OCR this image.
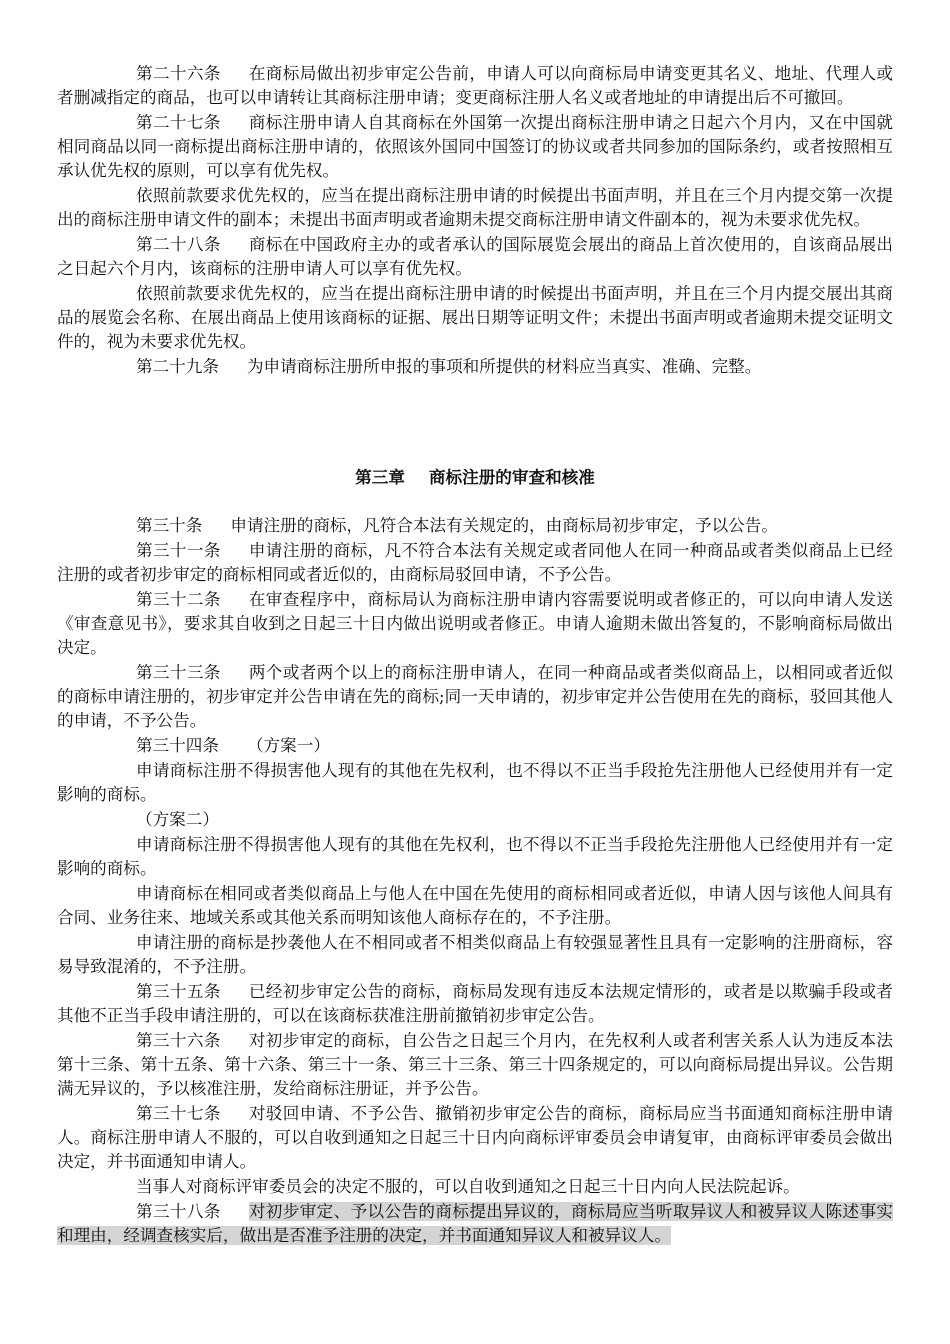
第二十六条 在商标局做出初步审定公告前，申请人可以向商标局申请变更其名义、地址、代理人或者删减指定的商品，也可以申请转让其商标注册申请；变更商标注册人名义或者地址的申请提出后不可撤回。

第二十七条 商标注册申请人自其商标在外国第一次提出商标注册申请之日起六个月内，又在中国就相同商品以同一商标提出商标注册申请的，依照该外国同中国签订的协议或者共同参加的国际条约，或者按照相互承认优先权的原则，可以享有优先权。

依照前款要求优先权的，应当在提出商标注册申请的时候提出书面声明，并且在三个月内提交第一次提出的商标注册申请文件的副本；未提出书面声明或者逾期未提交商标注册申请文件副本的，视为未要求优先权。

第二十八条 商标在中国政府主办的或者承认的国际展览会展出的商品上首次使用的，自该商品展出之日起六个月内，该商标的注册申请人可以享有优先权。

依照前款要求优先权的，应当在提出商标注册申请的时候提出书面声明，并且在三个月内提交展出其商品的展览会名称、在展出商品上使用该商标的证据、展出日期等证明文件；未提出书面声明或者逾期未提交证明文件的，视为未要求优先权。

第二十九条 为申请商标注册所申报的事项和所提供的材料应当真实、准确、完整。

第三章 商标注册的审查和核准

第三十条 申请注册的商标，凡符合本法有关规定的，由商标局初步审定，予以公告。

第三十一条 申请注册的商标，凡不符合本法有关规定或者同他人在同一种商品或者类似商品上已经注册的或者初步审定的商标相同或者近似的，由商标局驳回申请，不予公告。

第三十二条 在审查程序中，商标局认为商标注册申请内容需要说明或者修正的，可以向申请人发送《审查意见书》，要求其自收到之日起三十日内做出说明或者修正。申请人逾期未做出答复的，不影响商标局做出决定。

第三十三条 两个或者两个以上的商标注册申请人，在同一种商品或者类似商品上，以相同或者近似的商标申请注册的，初步审定并公告申请在先的商标;同一天申请的，初步审定并公告使用在先的商标，驳回其他人的申请，不予公告。

第三十四条 （方案一）

申请商标注册不得损害他人现有的其他在先权利，也不得以不正当手段抢先注册他人已经使用并有一定影响的商标。

（方案二）

申请商标注册不得损害他人现有的其他在先权利，也不得以不正当手段抢先注册他人已经使用并有一定影响的商标。

申请商标在相同或者类似商品上与他人在中国在先使用的商标相同或者近似，申请人因与该他人间具有合同、业务往来、地域关系或其他关系而明知该他人商标存在的，不予注册。

申请注册的商标是抄袭他人在不相同或者不相类似商品上有较强显著性且具有一定影响的注册商标，容易导致混淆的，不予注册。

第三十五条 已经初步审定公告的商标，商标局发现有违反本法规定情形的，或者是以欺骗手段或者其他不正当手段申请注册的，可以在该商标获准注册前撤销初步审定公告。

第三十六条 对初步审定的商标，自公告之日起三个月内，在先权利人或者利害关系人认为违反本法第十三条、第十五条、第十六条、第三十一条、第三十三条、第三十四条规定的，可以向商标局提出异议。公告期满无异议的，予以核准注册，发给商标注册证，并予公告。

第三十七条 对驳回申请、不予公告、撤销初步审定公告的商标，商标局应当书面通知商标注册申请人。商标注册申请人不服的，可以自收到通知之日起三十日内向商标评审委员会申请复审，由商标评审委员会做出决定，并书面通知申请人。

当事人对商标评审委员会的决定不服的，可以自收到通知之日起三十日内向人民法院起诉。

第三十八条 对初步审定、予以公告的商标提出异议的，商标局应当听取异议人和被异议人陈述事实和理由，经调查核实后，做出是否准予注册的决定，并书面通知异议人和被异议人。
